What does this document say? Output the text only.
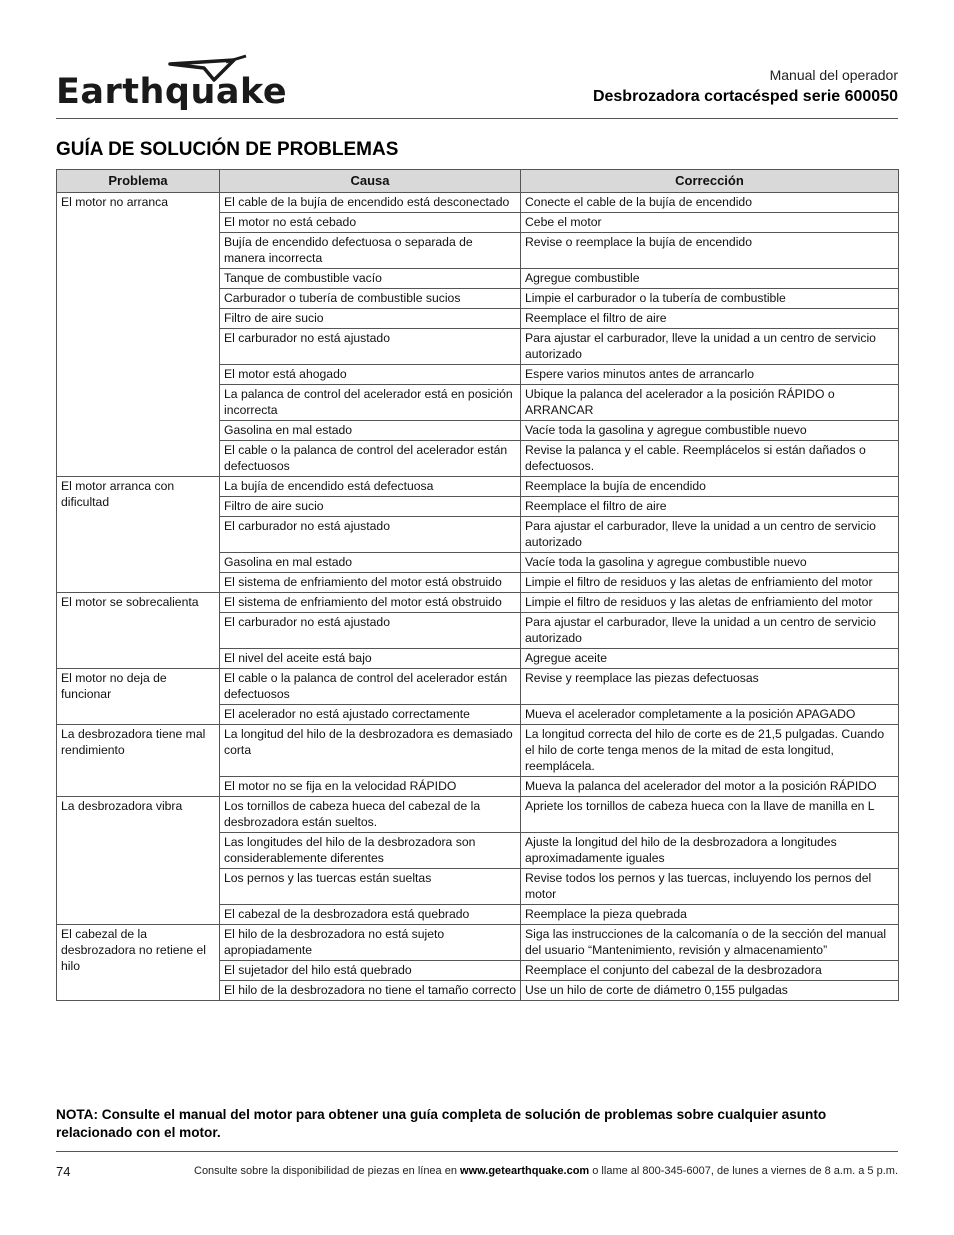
Earthquake	Manual del operador
Desbrozadora cortacésped serie 600050
GUÍA DE SOLUCIÓN DE PROBLEMAS
Problema	Causa	Corrección
El motor no arranca	El cable de la bujía de encendido está desconectado	Conecte el cable de la bujía de encendido
	El motor no está cebado	Cebe el motor
	Bujía de encendido defectuosa o separada de manera incorrecta	Revise o reemplace la bujía de encendido
	Tanque de combustible vacío	Agregue combustible
	Carburador o tubería de combustible sucios	Limpie el carburador o la tubería de combustible
	Filtro de aire sucio	Reemplace el filtro de aire
	El carburador no está ajustado	Para ajustar el carburador, lleve la unidad a un centro de servicio autorizado
	El motor está ahogado	Espere varios minutos antes de arrancarlo
	La palanca de control del acelerador está en posición incorrecta	Ubique la palanca del acelerador a la posición RÁPIDO o ARRANCAR
	Gasolina en mal estado	Vacíe toda la gasolina y agregue combustible nuevo
	El cable o la palanca de control del acelerador están defectuosos	Revise la palanca y el cable. Reemplácelos si están dañados o defectuosos.
El motor arranca con dificultad	La bujía de encendido está defectuosa	Reemplace la bujía de encendido
	Filtro de aire sucio	Reemplace el filtro de aire
	El carburador no está ajustado	Para ajustar el carburador, lleve la unidad a un centro de servicio autorizado
	Gasolina en mal estado	Vacíe toda la gasolina y agregue combustible nuevo
	El sistema de enfriamiento del motor está obstruido	Limpie el filtro de residuos y las aletas de enfriamiento del motor
El motor se sobrecalienta	El sistema de enfriamiento del motor está obstruido	Limpie el filtro de residuos y las aletas de enfriamiento del motor
	El carburador no está ajustado	Para ajustar el carburador, lleve la unidad a un centro de servicio autorizado
	El nivel del aceite está bajo	Agregue aceite
El motor no deja de funcionar	El cable o la palanca de control del acelerador están defectuosos	Revise y reemplace las piezas defectuosas
	El acelerador no está ajustado correctamente	Mueva el acelerador completamente a la posición APAGADO
La desbrozadora tiene mal rendimiento	La longitud del hilo de la desbrozadora es demasiado corta	La longitud correcta del hilo de corte es de 21,5 pulgadas. Cuando el hilo de corte tenga menos de la mitad de esta longitud, reemplácela.
	El motor no se fija en la velocidad RÁPIDO	Mueva la palanca del acelerador del motor a la posición RÁPIDO
La desbrozadora vibra	Los tornillos de cabeza hueca del cabezal de la desbrozadora están sueltos.	Apriete los tornillos de cabeza hueca con la llave de manilla en L
	Las longitudes del hilo de la desbrozadora son considerablemente diferentes	Ajuste la longitud del hilo de la desbrozadora a longitudes aproximadamente iguales
	Los pernos y las tuercas están sueltas	Revise todos los pernos y las tuercas, incluyendo los pernos del motor
	El cabezal de la desbrozadora está quebrado	Reemplace la pieza quebrada
El cabezal de la desbrozadora no retiene el hilo	El hilo de la desbrozadora no está sujeto apropiadamente	Siga las instrucciones de la calcomanía o de la sección del manual del usuario “Mantenimiento, revisión y almacenamiento”
	El sujetador del hilo está quebrado	Reemplace el conjunto del cabezal de la desbrozadora
	El hilo de la desbrozadora no tiene el tamaño correcto	Use un hilo de corte de diámetro 0,155 pulgadas
NOTA: Consulte el manual del motor para obtener una guía completa de solución de problemas sobre cualquier asunto relacionado con el motor.
74	Consulte sobre la disponibilidad de piezas en línea en www.getearthquake.com o llame al 800-345-6007, de lunes a viernes de 8 a.m. a 5 p.m.
